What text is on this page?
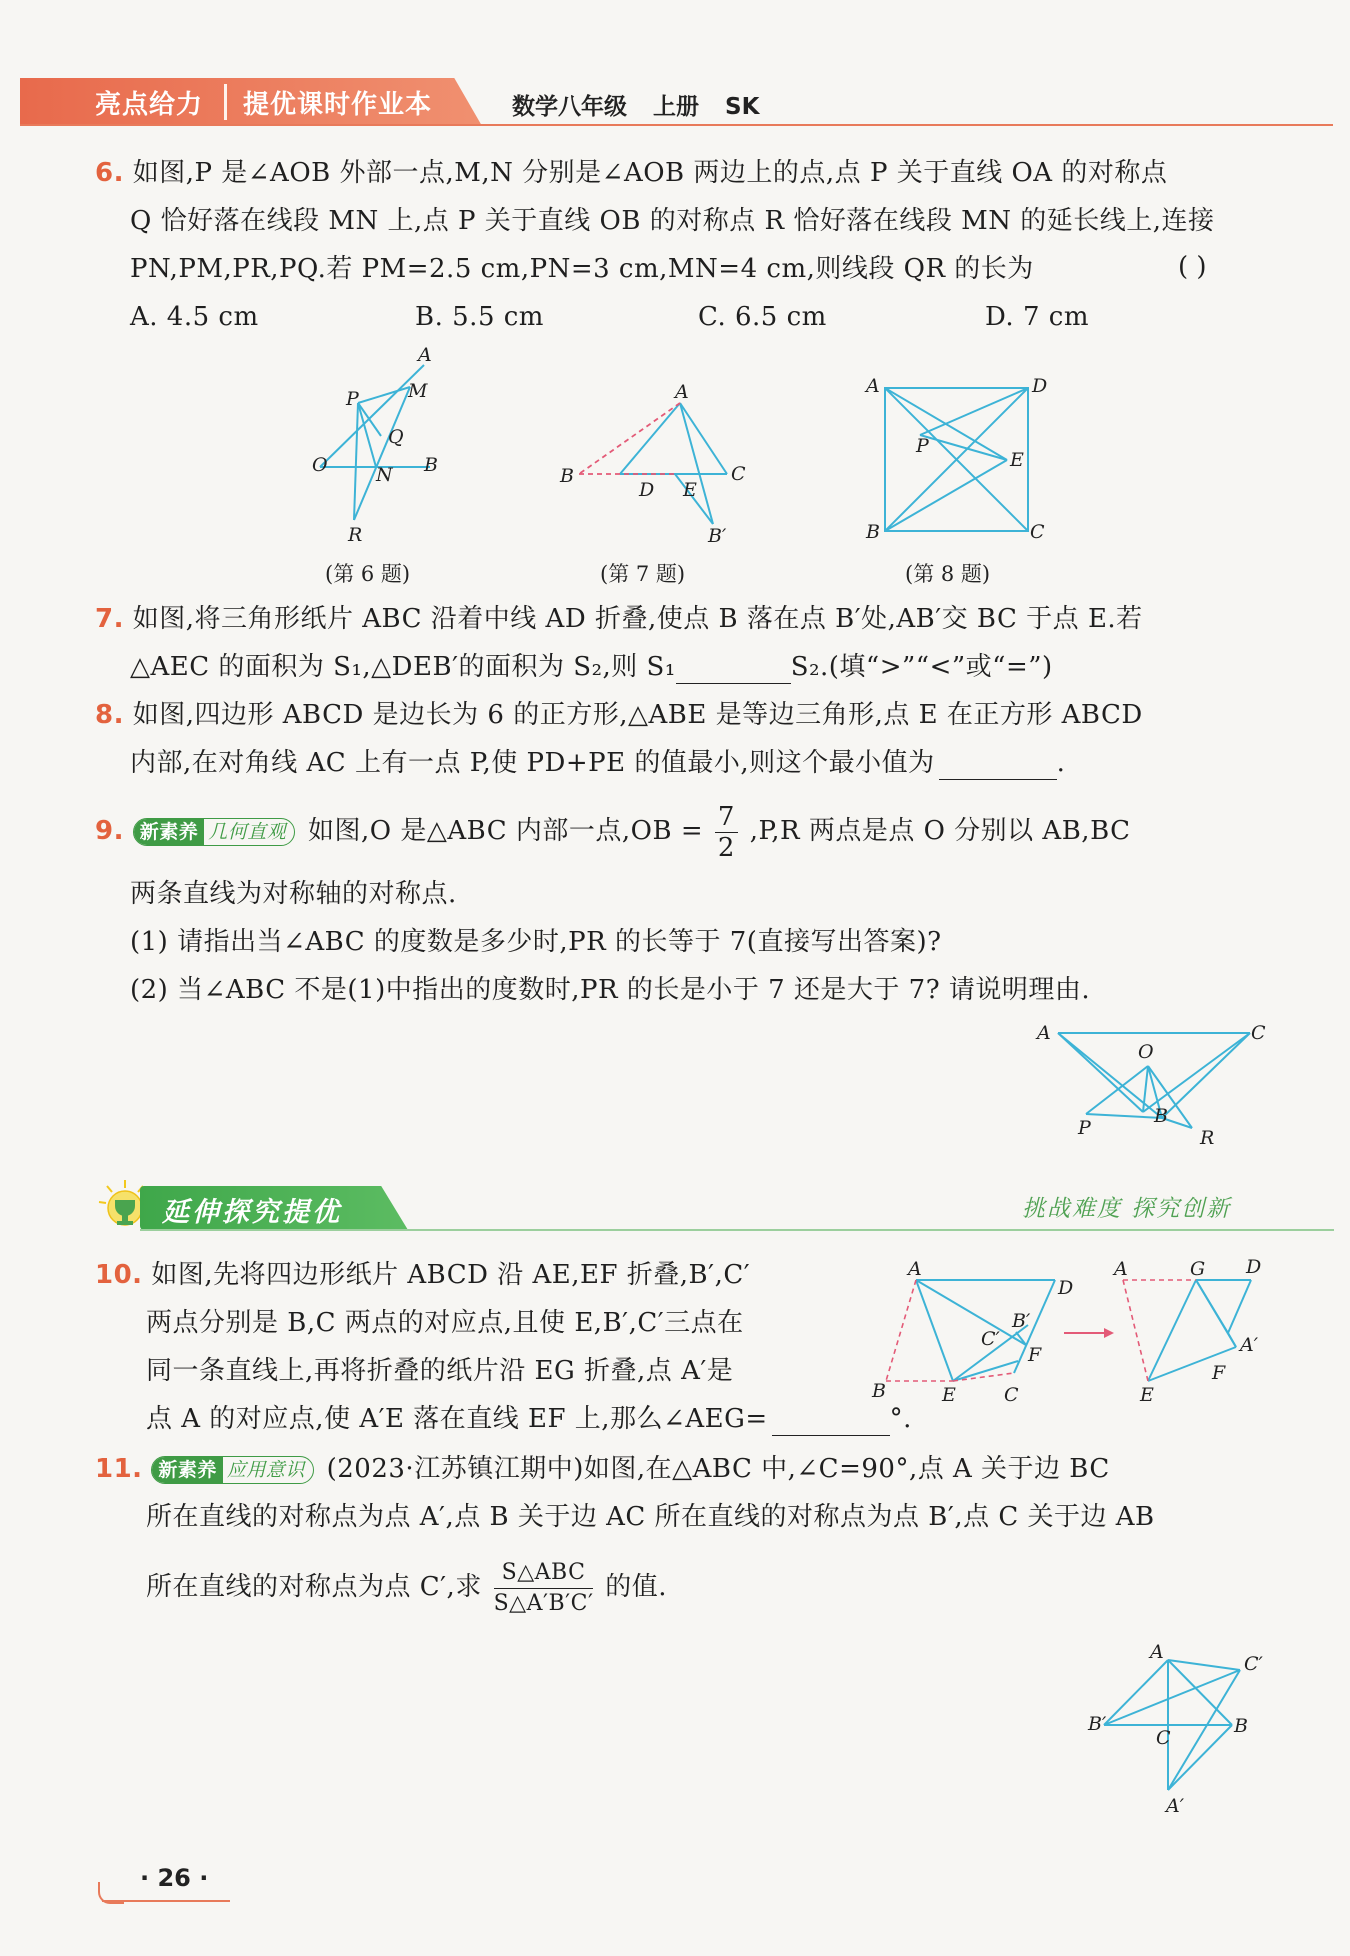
亮点给力 提优课时作业本	数学八年级 上册 SK
6. 如图,P 是∠AOB 外部一点,M,N 分别是∠AOB 两边上的点,点 P 关于直线 OA 的对称点
Q 恰好落在线段 MN 上,点 P 关于直线 OB 的对称点 R 恰好落在线段 MN 的延长线上,连接
PN,PM,PR,PQ.若 PM=2.5 cm,PN=3 cm,MN=4 cm,则线段 QR 的长为	( )
A. 4.5 cm	B. 5.5 cm	C. 6.5 cm	D. 7 cm
A
M
P
Q
O	N B
R
(第 6 题)
A
B
D E
C
B′
(第 7 题)
A	D
P
E
B	C
(第 8 题)
7. 如图,将三角形纸片 ABC 沿着中线 AD 折叠,使点 B 落在点 B′处,AB′交 BC 于点 E.若
△AEC 的面积为 S₁,△DEB′的面积为 S₂,则 S₁	S₂.(填“>”“<”或“=”)
8. 如图,四边形 ABCD 是边长为 6 的正方形,△ABE 是等边三角形,点 E 在正方形 ABCD
内部,在对角线 AC 上有一点 P,使 PD+PE 的值最小,则这个最小值为	.
9. 新素养 几何直观 如图,O 是△ABC 内部一点$,OB = \frac{7}{2} ,P,R$ 两点是点 O 分别以 AB,BC
两条直线为对称轴的对称点.
(1) 请指出当∠ABC 的度数是多少时,PR 的长等于 7(直接写出答案)?
(2) 当∠ABC 不是(1)中指出的度数时,PR 的长是小于 7 还是大于 7? 请说明理由.
A	C
O
B
P	R
延伸探究提优	挑战难度 探究创新
10. 如图,先将四边形纸片 ABCD 沿 AE,EF 折叠,B′,C′
两点分别是 B,C 两点的对应点,且使 E,B′,C′三点在
同一条直线上,再将折叠的纸片沿 EG 折叠,点 A′是
点 A 的对应点,使 A′E 落在直线 EF 上,那么∠AEG=	°.
A
D
B′
C′
F
B	E	C
A	G D
A′
E
F
11. 新素养 应用意识 (2023·江苏镇江期中)如图,在△ABC 中,∠C=90°,点 A 关于边 BC
所在直线的对称点为点 A′,点 B 关于边 AC 所在直线的对称点为点 B′,点 C 关于边 AB
所在直线的对称点为点 C′,求 $\frac{\text{S△ABC}}{S\triangle A'B'C'}$ 的值.
A
C′
B′
C
B
A′
· 26 ·
